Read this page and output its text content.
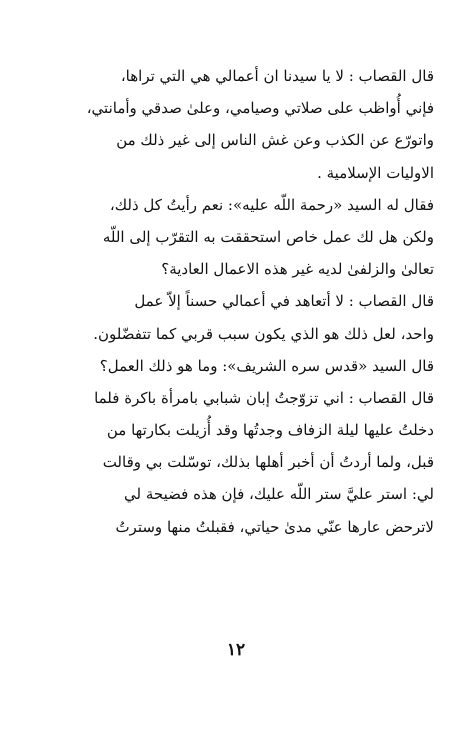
قال القصاب : لا يا سيدنا ان أعمالي هي التي تراها،
فإني أُواظب على صلاتي وصيامي، وعلىٰ صدقي وأمانتي،
واتورّع عن الكذب وعن غش الناس إلى غير ذلك من
الاوليات الإسلامية .
فقال له السيد «رحمة اللّه عليه»: نعم رأيتُ كل ذلك،
ولكن هل لك عمل خاص استحققت به التقرّب إلى اللّه
تعالىٰ والزلفىٰ لديه غير هذه الاعمال العادية؟
قال القصاب : لا أتعاهد في أعمالي حسناً إلاّ عمل
واحد، لعل ذلك هو الذي يكون سبب قربي كما تتفضّلون.
قال السيد «قدس سره الشريف»: وما هو ذلك العمل؟
قال القصاب : اني تزوّجتُ إبان شبابي بامرأة باكرة فلما
دخلتُ عليها ليلة الزفاف وجدتُها وقد أُزيلت بكارتها من
قبل، ولما أردتُ أن أخبر أهلها بذلك، توسّلت بي وقالت
لي: استر عليَّ ستر اللّه عليك، فإن هذه فضيحة لي
لاترحض عارها عنّي مدىٰ حياتي، فقبلتُ منها وسترتُ
١٢
